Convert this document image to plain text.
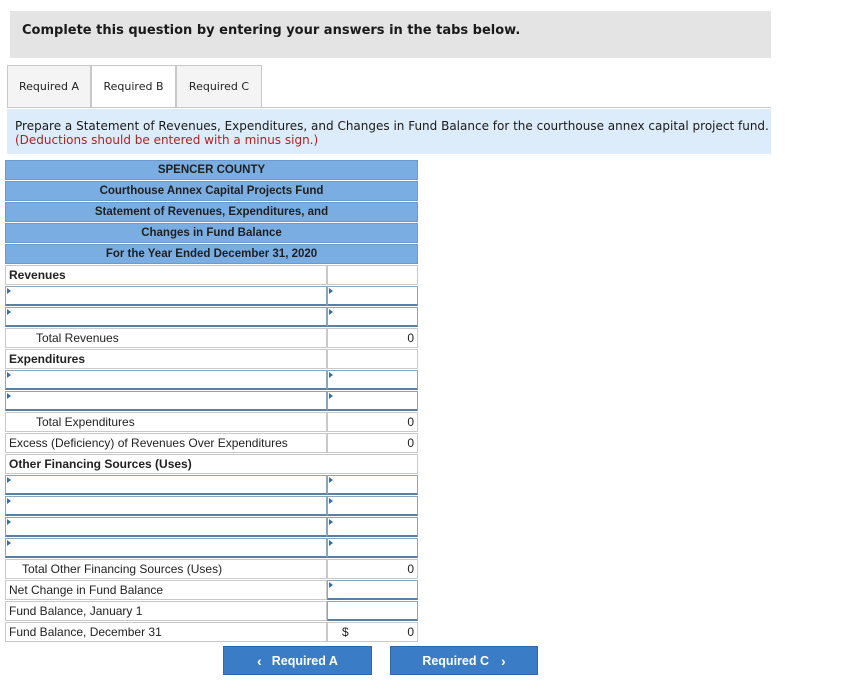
Complete this question by entering your answers in the tabs below.
Required A	Required B	Required C
Prepare a Statement of Revenues, Expenditures, and Changes in Fund Balance for the courthouse annex capital project fund.
(Deductions should be entered with a minus sign.)
SPENCER COUNTY
Courthouse Annex Capital Projects Fund
Statement of Revenues, Expenditures, and
Changes in Fund Balance
For the Year Ended December 31, 2020
Revenues
Total Revenues	0
Expenditures
Total Expenditures	0
Excess (Deficiency) of Revenues Over Expenditures	0
Other Financing Sources (Uses)
Total Other Financing Sources (Uses)	0
Net Change in Fund Balance
Fund Balance, January 1
Fund Balance, December 31	$	0
‹ Required A	Required C ›
